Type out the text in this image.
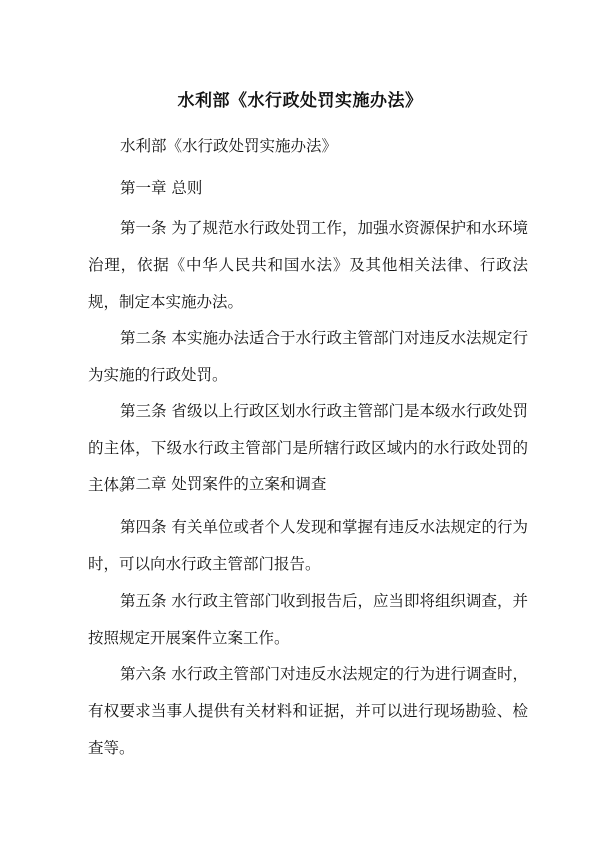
水利部《水行政处罚实施办法》

水利部《水行政处罚实施办法》

第一章 总则

第一条 为了规范水行政处罚工作，加强水资源保护和水环境治理，依据《中华人民共和国水法》及其他相关法律、行政法规，制定本实施办法。

第二条 本实施办法适合于水行政主管部门对违反水法规定行为实施的行政处罚。

第三条 省级以上行政区划水行政主管部门是本级水行政处罚的主体，下级水行政主管部门是所辖行政区域内的水行政处罚的主体。

第二章 处罚案件的立案和调查

第四条 有关单位或者个人发现和掌握有违反水法规定的行为时，可以向水行政主管部门报告。

第五条 水行政主管部门收到报告后，应当即将组织调查，并按照规定开展案件立案工作。

第六条 水行政主管部门对违反水法规定的行为进行调查时，有权要求当事人提供有关材料和证据，并可以进行现场勘验、检查等。
